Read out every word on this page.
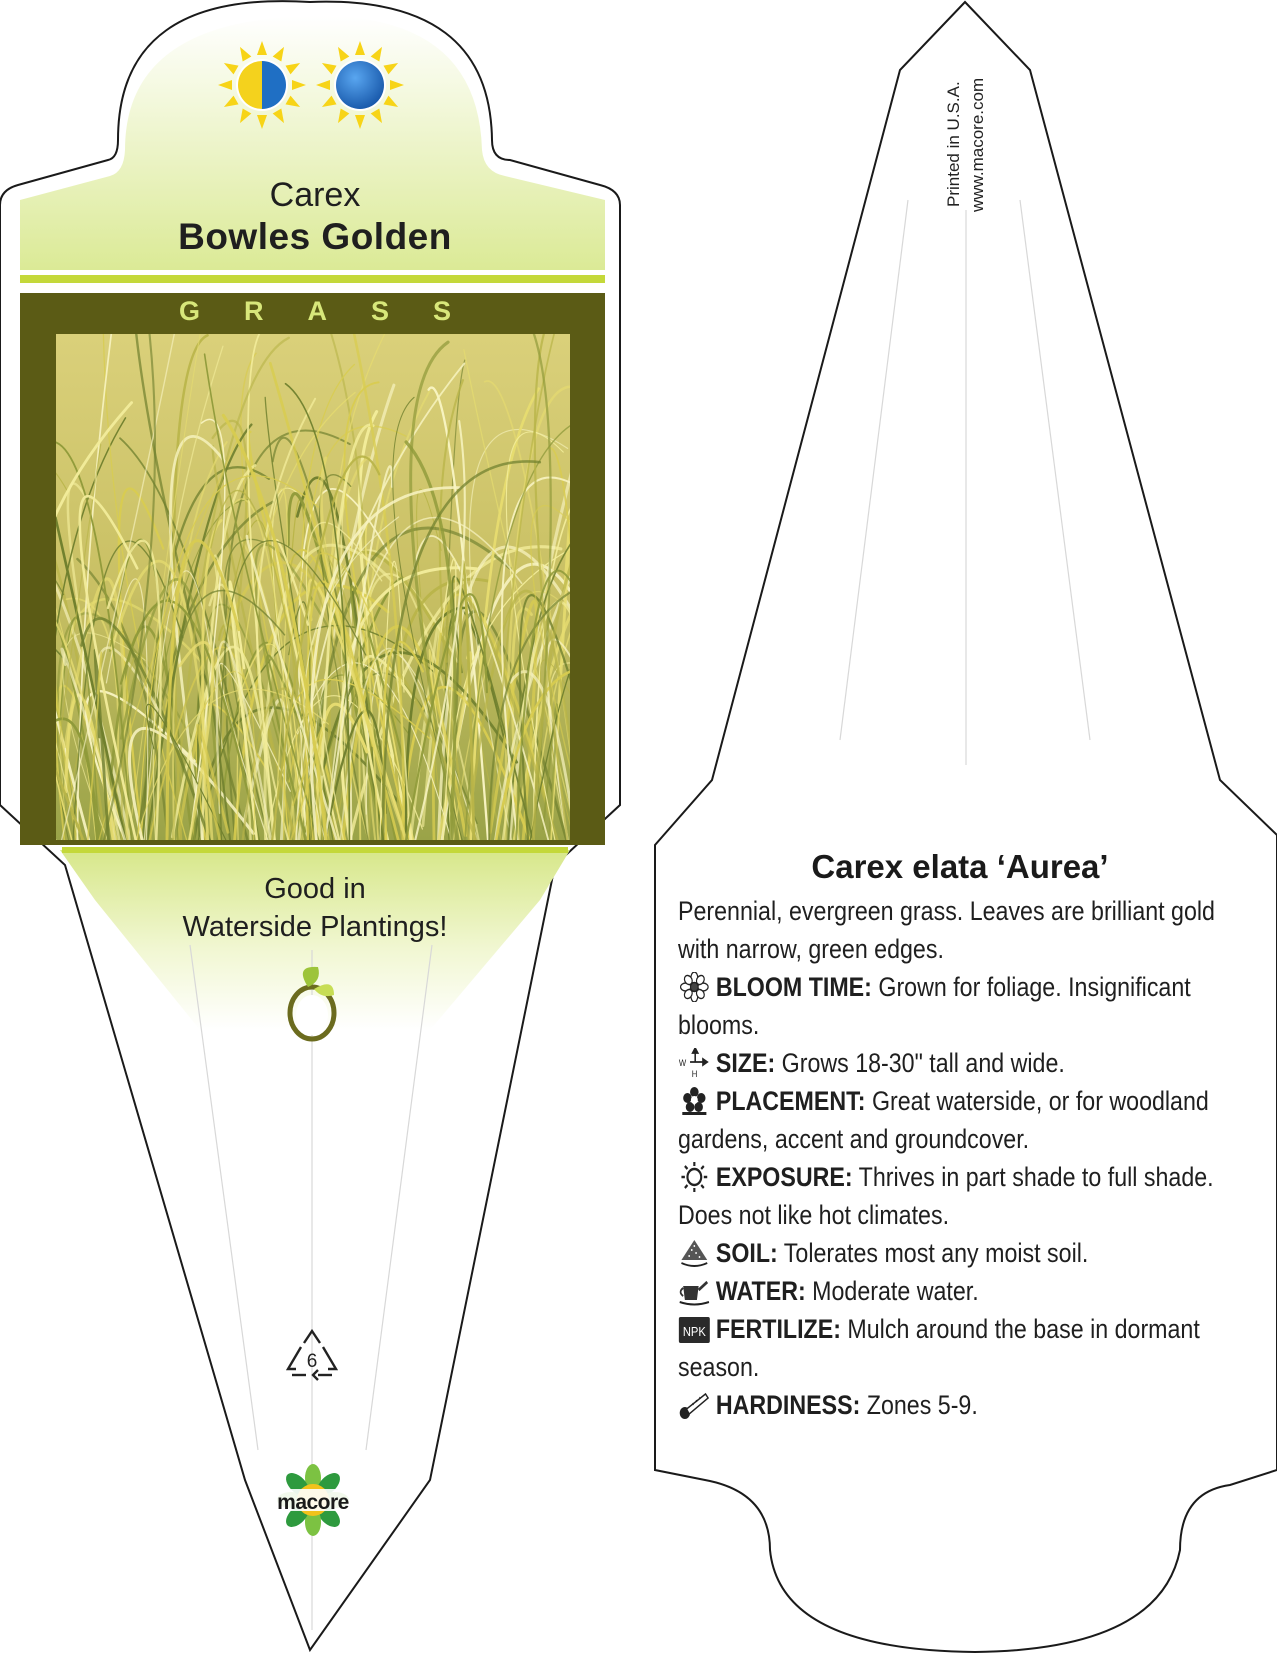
Carex
Bowles Golden
GRASS
Good in
Waterside Plantings!
6
macore
Printed in U.S.A. www.macore.com
Carex elata ‘Aurea’

Perennial, evergreen grass. Leaves are brilliant gold with narrow, green edges.

BLOOM TIME: Grown for foliage. Insignificant blooms.

W
H SIZE: Grows 18-30" tall and wide.

PLACEMENT: Great waterside, or for woodland gardens, accent and groundcover.

EXPOSURE: Thrives in part shade to full shade. Does not like hot climates.

SOIL: Tolerates most any moist soil.

WATER: Moderate water.

NPK FERTILIZE: Mulch around the base in dormant season.

HARDINESS: Zones 5-9.
